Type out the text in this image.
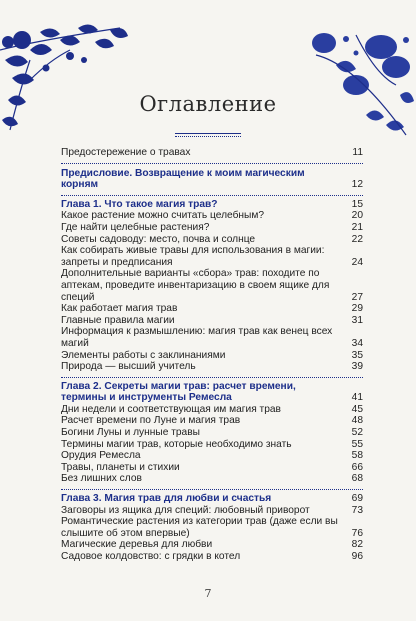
Оглавление
Предостережение о травах	11
Предисловие. Возвращение к моим магическим корням	12
Глава 1. Что такое магия трав?	15
Какое растение можно считать целебным?	20
Где найти целебные растения?	21
Советы садоводу: место, почва и солнце	22
Как собирать живые травы для использования в магии: запреты и предписания	24
Дополнительные варианты «сбора» трав: походите по аптекам, проведите инвентаризацию в своем ящике для специй	27
Как работает магия трав	29
Главные правила магии	31
Информация к размышлению: магия трав как венец всех магий	34
Элементы работы с заклинаниями	35
Природа — высший учитель	39
Глава 2. Секреты магии трав: расчет времени, термины и инструменты Ремесла	41
Дни недели и соответствующая им магия трав	45
Расчет времени по Луне и магия трав	48
Богини Луны и лунные травы	52
Термины магии трав, которые необходимо знать	55
Орудия Ремесла	58
Травы, планеты и стихии	66
Без лишних слов	68
Глава 3. Магия трав для любви и счастья	69
Заговоры из ящика для специй: любовный приворот	73
Романтические растения из категории трав (даже если вы слышите об этом впервые)	76
Магические деревья для любви	82
Садовое колдовство: с грядки в котел	96
7
